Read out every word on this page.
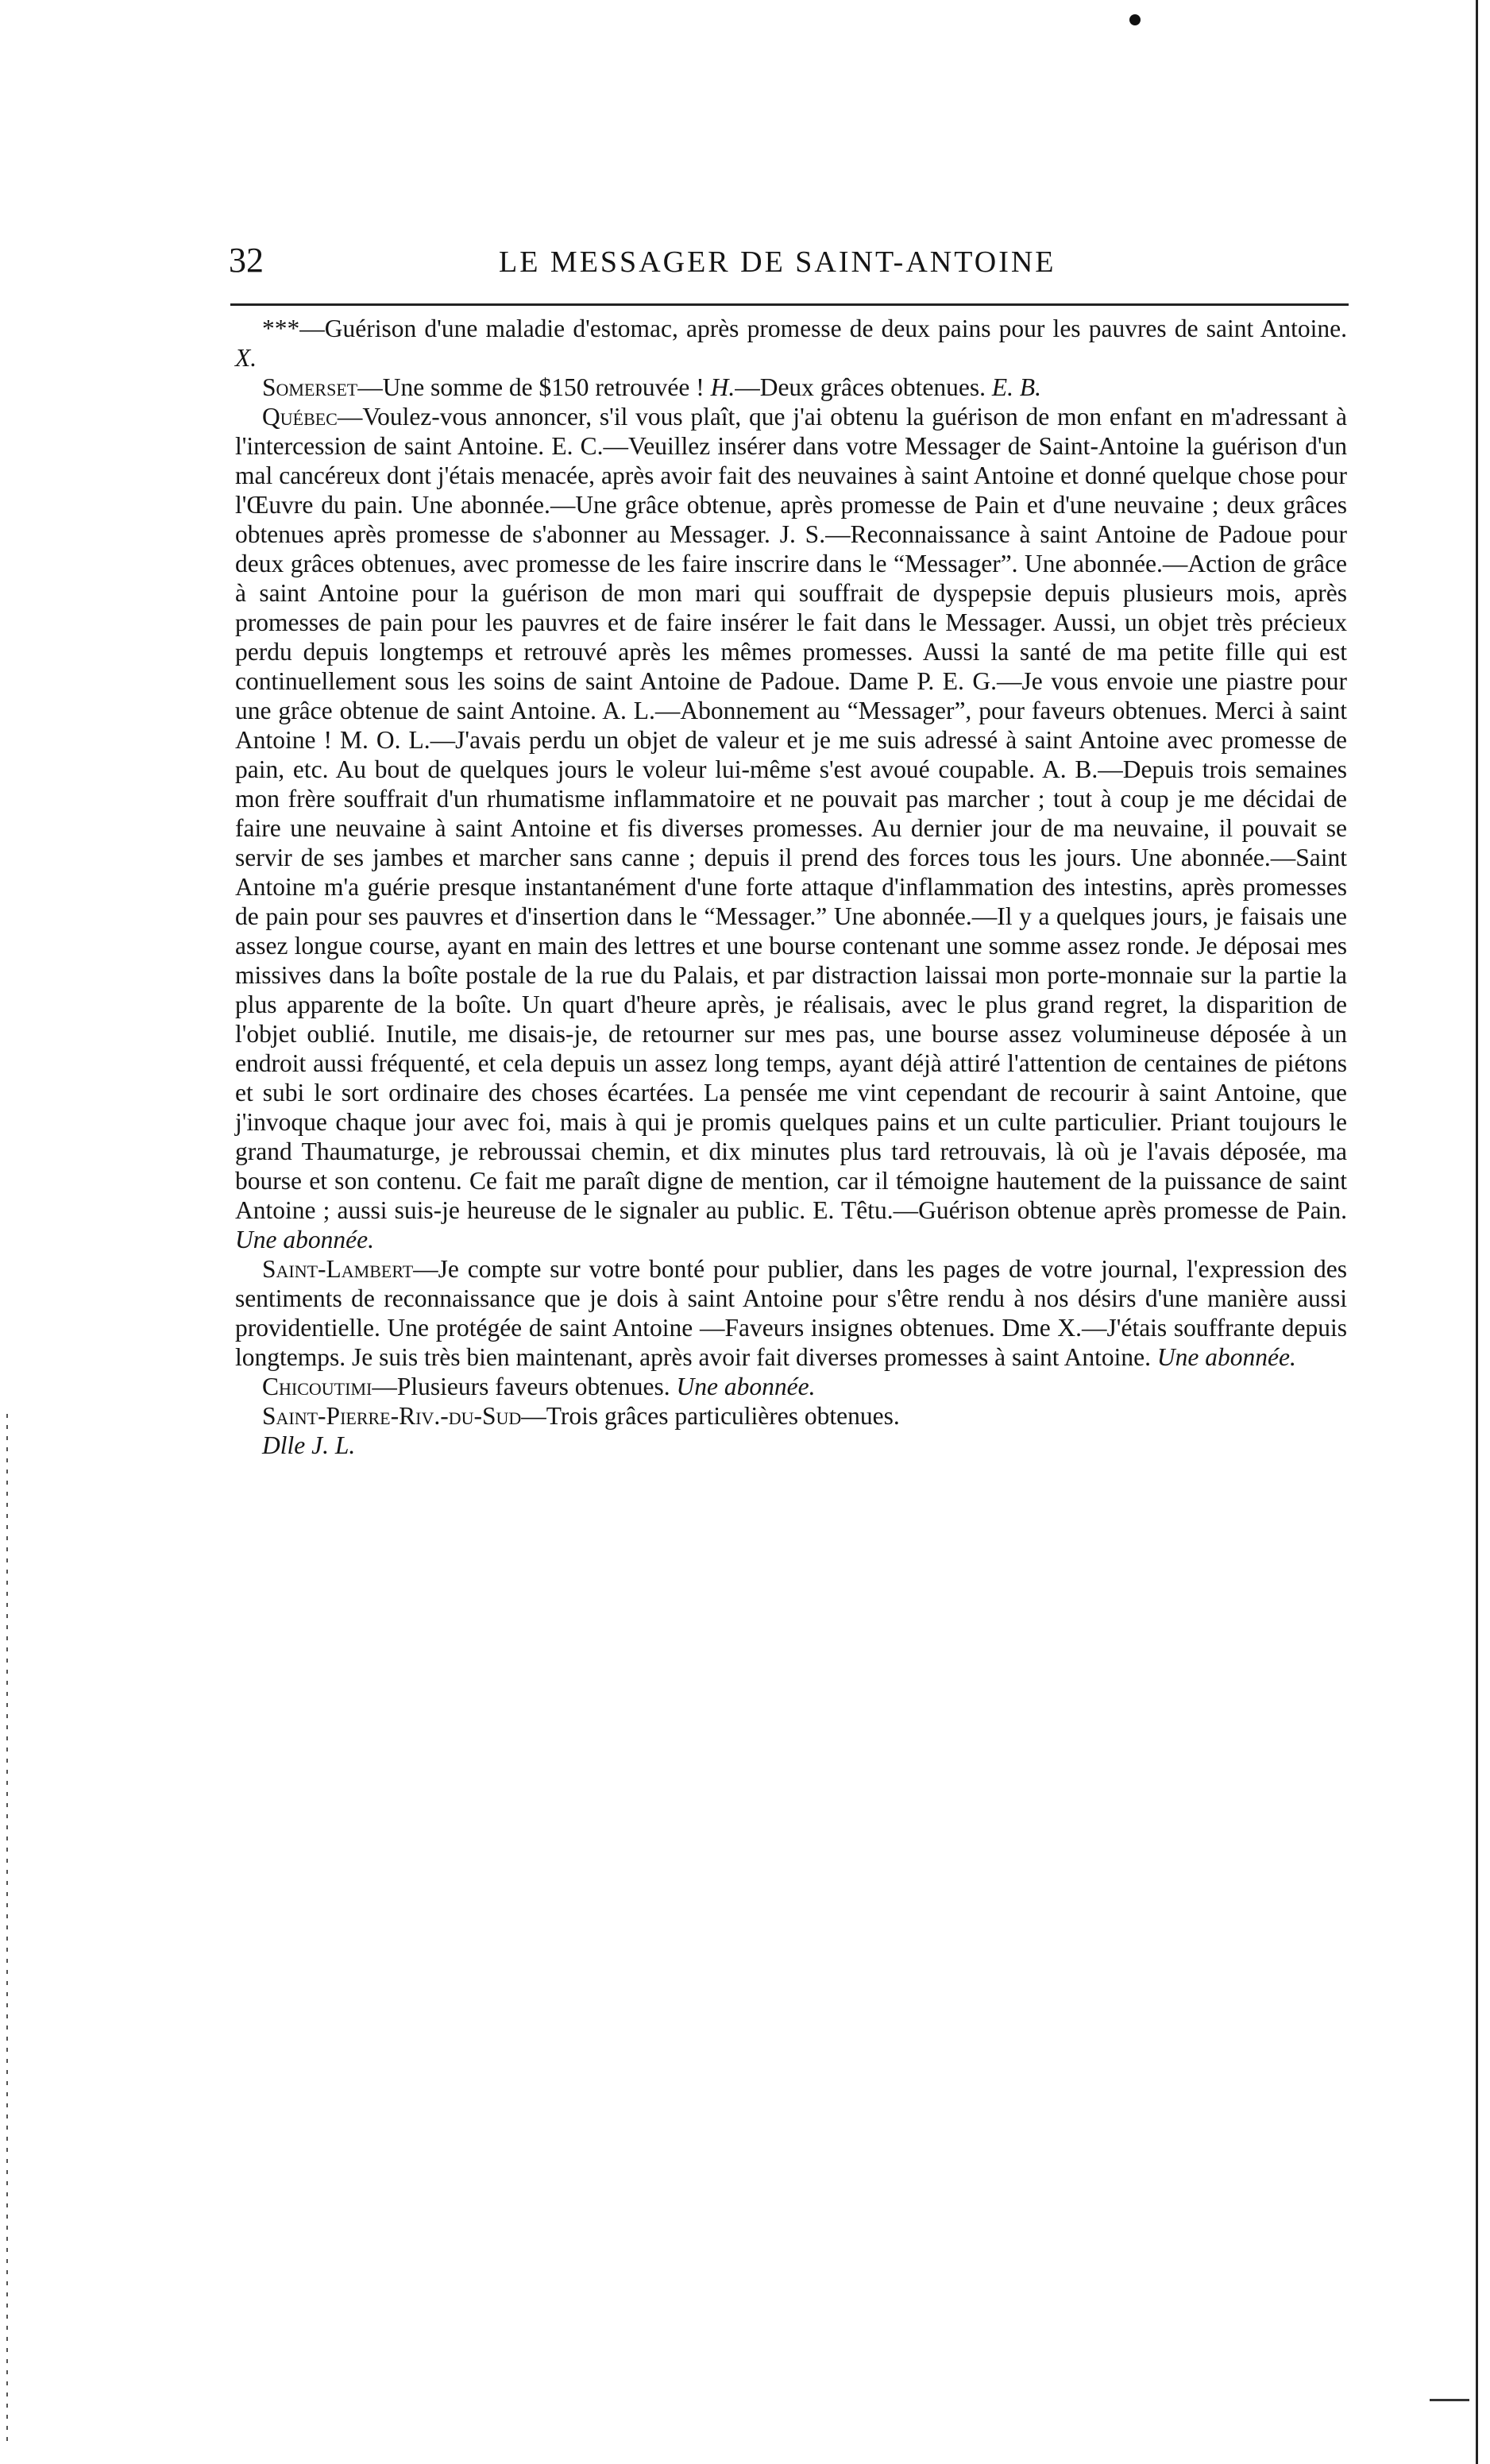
32	LE MESSAGER DE SAINT-ANTOINE

***—Guérison d'une maladie d'estomac, après promesse de deux pains pour les pauvres de saint Antoine. X.

Somerset—Une somme de $150 retrouvée ! H.—Deux grâces obtenues. E. B.

Québec—Voulez-vous annoncer, s'il vous plaît, que j'ai obtenu la guérison de mon enfant en m'adressant à l'intercession de saint Antoine. E. C.—Veuillez insérer dans votre Messager de Saint-Antoine la guérison d'un mal cancéreux dont j'étais menacée, après avoir fait des neuvaines à saint Antoine et donné quelque chose pour l'Œuvre du pain. Une abonnée.—Une grâce obtenue, après promesse de Pain et d'une neuvaine ; deux grâces obtenues après promesse de s'abonner au Messager. J. S.—Reconnaissance à saint Antoine de Padoue pour deux grâces obtenues, avec promesse de les faire inscrire dans le “Messager”. Une abonnée.—Action de grâce à saint Antoine pour la guérison de mon mari qui souffrait de dyspepsie depuis plusieurs mois, après promesses de pain pour les pauvres et de faire insérer le fait dans le Messager. Aussi, un objet très précieux perdu depuis longtemps et retrouvé après les mêmes promesses. Aussi la santé de ma petite fille qui est continuellement sous les soins de saint Antoine de Padoue. Dame P. E. G.—Je vous envoie une piastre pour une grâce obtenue de saint Antoine. A. L.—Abonnement au “Messager”, pour faveurs obtenues. Merci à saint Antoine ! M. O. L.—J'avais perdu un objet de valeur et je me suis adressé à saint Antoine avec promesse de pain, etc. Au bout de quelques jours le voleur lui-même s'est avoué coupable. A. B.—Depuis trois semaines mon frère souffrait d'un rhumatisme inflammatoire et ne pouvait pas marcher ; tout à coup je me décidai de faire une neuvaine à saint Antoine et fis diverses promesses. Au dernier jour de ma neuvaine, il pouvait se servir de ses jambes et marcher sans canne ; depuis il prend des forces tous les jours. Une abonnée.—Saint Antoine m'a guérie presque instantanément d'une forte attaque d'inflammation des intestins, après promesses de pain pour ses pauvres et d'insertion dans le “Messager.” Une abonnée.—Il y a quelques jours, je faisais une assez longue course, ayant en main des lettres et une bourse contenant une somme assez ronde. Je déposai mes missives dans la boîte postale de la rue du Palais, et par distraction laissai mon porte-monnaie sur la partie la plus apparente de la boîte. Un quart d'heure après, je réalisais, avec le plus grand regret, la disparition de l'objet oublié. Inutile, me disais-je, de retourner sur mes pas, une bourse assez volumineuse déposée à un endroit aussi fréquenté, et cela depuis un assez long temps, ayant déjà attiré l'attention de centaines de piétons et subi le sort ordinaire des choses écartées. La pensée me vint cependant de recourir à saint Antoine, que j'invoque chaque jour avec foi, mais à qui je promis quelques pains et un culte particulier. Priant toujours le grand Thaumaturge, je rebroussai chemin, et dix minutes plus tard retrouvais, là où je l'avais déposée, ma bourse et son contenu. Ce fait me paraît digne de mention, car il témoigne hautement de la puissance de saint Antoine ; aussi suis-je heureuse de le signaler au public. E. Têtu.—Guérison obtenue après promesse de Pain. Une abonnée.

Saint-Lambert—Je compte sur votre bonté pour publier, dans les pages de votre journal, l'expression des sentiments de reconnaissance que je dois à saint Antoine pour s'être rendu à nos désirs d'une manière aussi providentielle. Une protégée de saint Antoine —Faveurs insignes obtenues. Dme X.—J'étais souffrante depuis longtemps. Je suis très bien maintenant, après avoir fait diverses promesses à saint Antoine. Une abonnée.

Chicoutimi—Plusieurs faveurs obtenues. Une abonnée.

Saint-Pierre-Riv.-du-Sud—Trois grâces particulières obtenues.
Dlle J. L.
